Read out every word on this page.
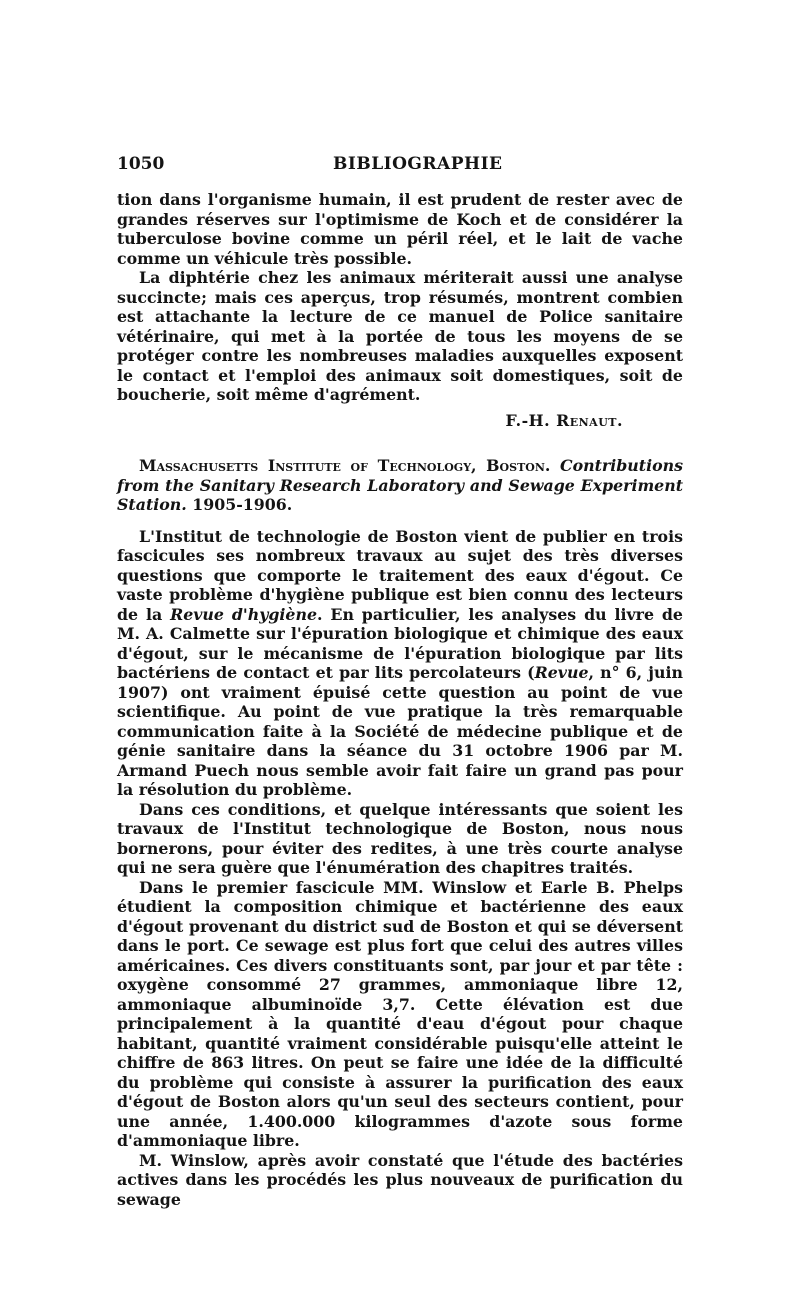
1050	BIBLIOGRAPHIE

tion dans l'organisme humain, il est prudent de rester avec de grandes réserves sur l'optimisme de Koch et de considérer la tuberculose bovine comme un péril réel, et le lait de vache comme un véhicule très possible.

La diphtérie chez les animaux mériterait aussi une analyse succincte; mais ces aperçus, trop résumés, montrent combien est attachante la lecture de ce manuel de Police sanitaire vétérinaire, qui met à la portée de tous les moyens de se protéger contre les nombreuses maladies auxquelles exposent le contact et l'emploi des animaux soit domestiques, soit de boucherie, soit même d'agrément.

F.-H. Renaut.

Massachusetts Institute of Technology, Boston. Contributions from the Sanitary Research Laboratory and Sewage Experiment Station. 1905-1906.

L'Institut de technologie de Boston vient de publier en trois fascicules ses nombreux travaux au sujet des très diverses questions que comporte le traitement des eaux d'égout. Ce vaste problème d'hygiène publique est bien connu des lecteurs de la Revue d'hygiène. En particulier, les analyses du livre de M. A. Calmette sur l'épuration biologique et chimique des eaux d'égout, sur le mécanisme de l'épuration biologique par lits bactériens de contact et par lits percolateurs (Revue, n° 6, juin 1907) ont vraiment épuisé cette question au point de vue scientifique. Au point de vue pratique la très remarquable communication faite à la Société de médecine publique et de génie sanitaire dans la séance du 31 octobre 1906 par M. Armand Puech nous semble avoir fait faire un grand pas pour la résolution du problème.

Dans ces conditions, et quelque intéressants que soient les travaux de l'Institut technologique de Boston, nous nous bornerons, pour éviter des redites, à une très courte analyse qui ne sera guère que l'énumération des chapitres traités.

Dans le premier fascicule MM. Winslow et Earle B. Phelps étudient la composition chimique et bactérienne des eaux d'égout provenant du district sud de Boston et qui se déversent dans le port. Ce sewage est plus fort que celui des autres villes américaines. Ces divers constituants sont, par jour et par tête : oxygène consommé 27 grammes, ammoniaque libre 12, ammoniaque albuminoïde 3,7. Cette élévation est due principalement à la quantité d'eau d'égout pour chaque habitant, quantité vraiment considérable puisqu'elle atteint le chiffre de 863 litres. On peut se faire une idée de la difficulté du problème qui consiste à assurer la purification des eaux d'égout de Boston alors qu'un seul des secteurs contient, pour une année, 1.400.000 kilogrammes d'azote sous forme d'ammoniaque libre.

M. Winslow, après avoir constaté que l'étude des bactéries actives dans les procédés les plus nouveaux de purification du sewage
